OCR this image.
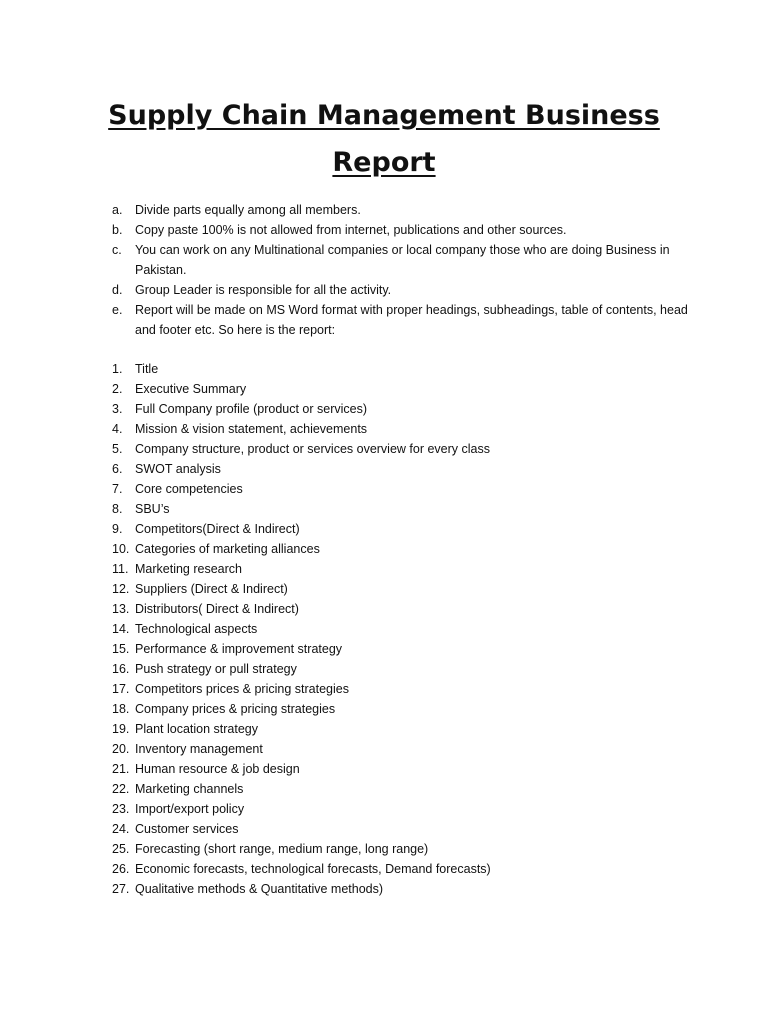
Supply Chain Management Business
Report
a. Divide parts equally among all members.
b. Copy paste 100% is not allowed from internet, publications and other sources.
c. You can work on any Multinational companies or local company those who are doing Business in Pakistan.
d. Group Leader is responsible for all the activity.
e. Report will be made on MS Word format with proper headings, subheadings, table of contents, head and footer etc. So here is the report:
1. Title
2. Executive Summary
3. Full Company profile (product or services)
4. Mission & vision statement, achievements
5. Company structure, product or services overview for every class
6. SWOT analysis
7. Core competencies
8. SBU’s
9. Competitors(Direct & Indirect)
10. Categories of marketing alliances
11. Marketing research
12. Suppliers (Direct & Indirect)
13. Distributors( Direct & Indirect)
14. Technological aspects
15. Performance & improvement strategy
16. Push strategy or pull strategy
17. Competitors prices & pricing strategies
18. Company prices & pricing strategies
19. Plant location strategy
20. Inventory management
21. Human resource & job design
22. Marketing channels
23. Import/export policy
24. Customer services
25. Forecasting (short range, medium range, long range)
26. Economic forecasts, technological forecasts, Demand forecasts)
27. Qualitative methods & Quantitative methods)
